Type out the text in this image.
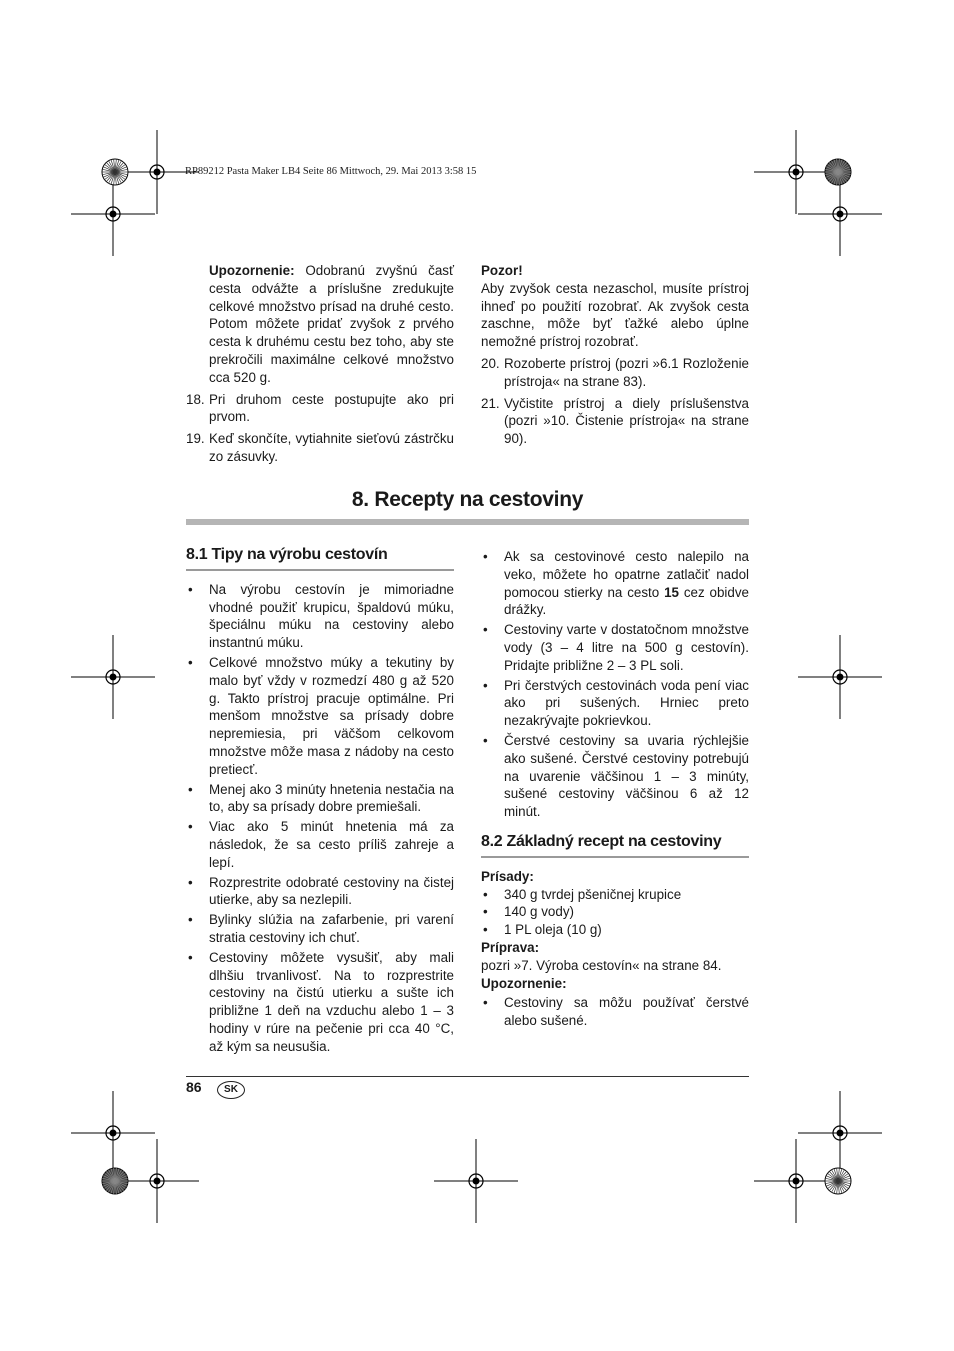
RP89212 Pasta Maker LB4 Seite 86 Mittwoch, 29. Mai 2013 3:58 15

Upozornenie: Odobranú zvyšnú časť cesta odvážte a príslušne zredukujte celkové množstvo prísad na druhé cesto. Potom môžete pridať zvyšok z prvého cesta k druhému cestu bez toho, aby ste prekročili maximálne celkové množstvo cca 520 g.

18. Pri druhom ceste postupujte ako pri prvom.
19. Keď skončíte, vytiahnite sieťovú zástrčku zo zásuvky.

Pozor!

Aby zvyšok cesta nezaschol, musíte prístroj ihneď po použití rozobrať. Ak zvyšok cesta zaschne, môže byť ťažké alebo úplne nemožné prístroj rozobrať.

20. Rozoberte prístroj (pozri »6.1 Rozloženie prístroja« na strane 83).
21. Vyčistite prístroj a diely príslušenstva (pozri »10. Čistenie prístroja« na strane 90).
8. Recepty na cestoviny
8.1 Tipy na výrobu cestovín
•	Na výrobu cestovín je mimoriadne vhodné použiť krupicu, špaldovú múku, špeciálnu múku na cestoviny alebo instantnú múku.
•	Celkové množstvo múky a tekutiny by malo byť vždy v rozmedzí 480 g až 520 g. Takto prístroj pracuje optimálne. Pri menšom množstve sa prísady dobre nepremiesia, pri väčšom celkovom množstve môže masa z nádoby na cesto pretiecť.
•	Menej ako 3 minúty hnetenia nestačia na to, aby sa prísady dobre premiešali.
•	Viac ako 5 minút hnetenia má za následok, že sa cesto príliš zahreje a lepí.
•	Rozprestrite odobraté cestoviny na čistej utierke, aby sa nezlepili.
•	Bylinky slúžia na zafarbenie, pri varení stratia cestoviny ich chuť.
•	Cestoviny môžete vysušiť, aby mali dlhšiu trvanlivosť. Na to rozprestrite cestoviny na čistú utierku a sušte ich približne 1 deň na vzduchu alebo 1 – 3 hodiny v rúre na pečenie pri cca 40 °C, až kým sa neusušia.
•	Ak sa cestovinové cesto nalepilo na veko, môžete ho opatrne zatlačiť nadol pomocou stierky na cesto 15 cez obidve drážky.
•	Cestoviny varte v dostatočnom množstve vody (3 – 4 litre na 500 g cestovín). Pridajte približne 2 – 3 PL soli.
•	Pri čerstvých cestovinách voda pení viac ako pri sušených. Hrniec preto nezakrývajte pokrievkou.
•	Čerstvé cestoviny sa uvaria rýchlejšie ako sušené. Čerstvé cestoviny potrebujú na uvarenie väčšinou 1 – 3 minúty, sušené cestoviny väčšinou 6 až 12 minút.
8.2 Základný recept na cestoviny

Prísady:

•	340 g tvrdej pšeničnej krupice
•	140 g vody)
•	1 PL oleja (10 g)

Príprava:

pozri »7. Výroba cestovín« na strane 84.

Upozornenie:

•	Cestoviny sa môžu používať čerstvé alebo sušené.
86	SK
